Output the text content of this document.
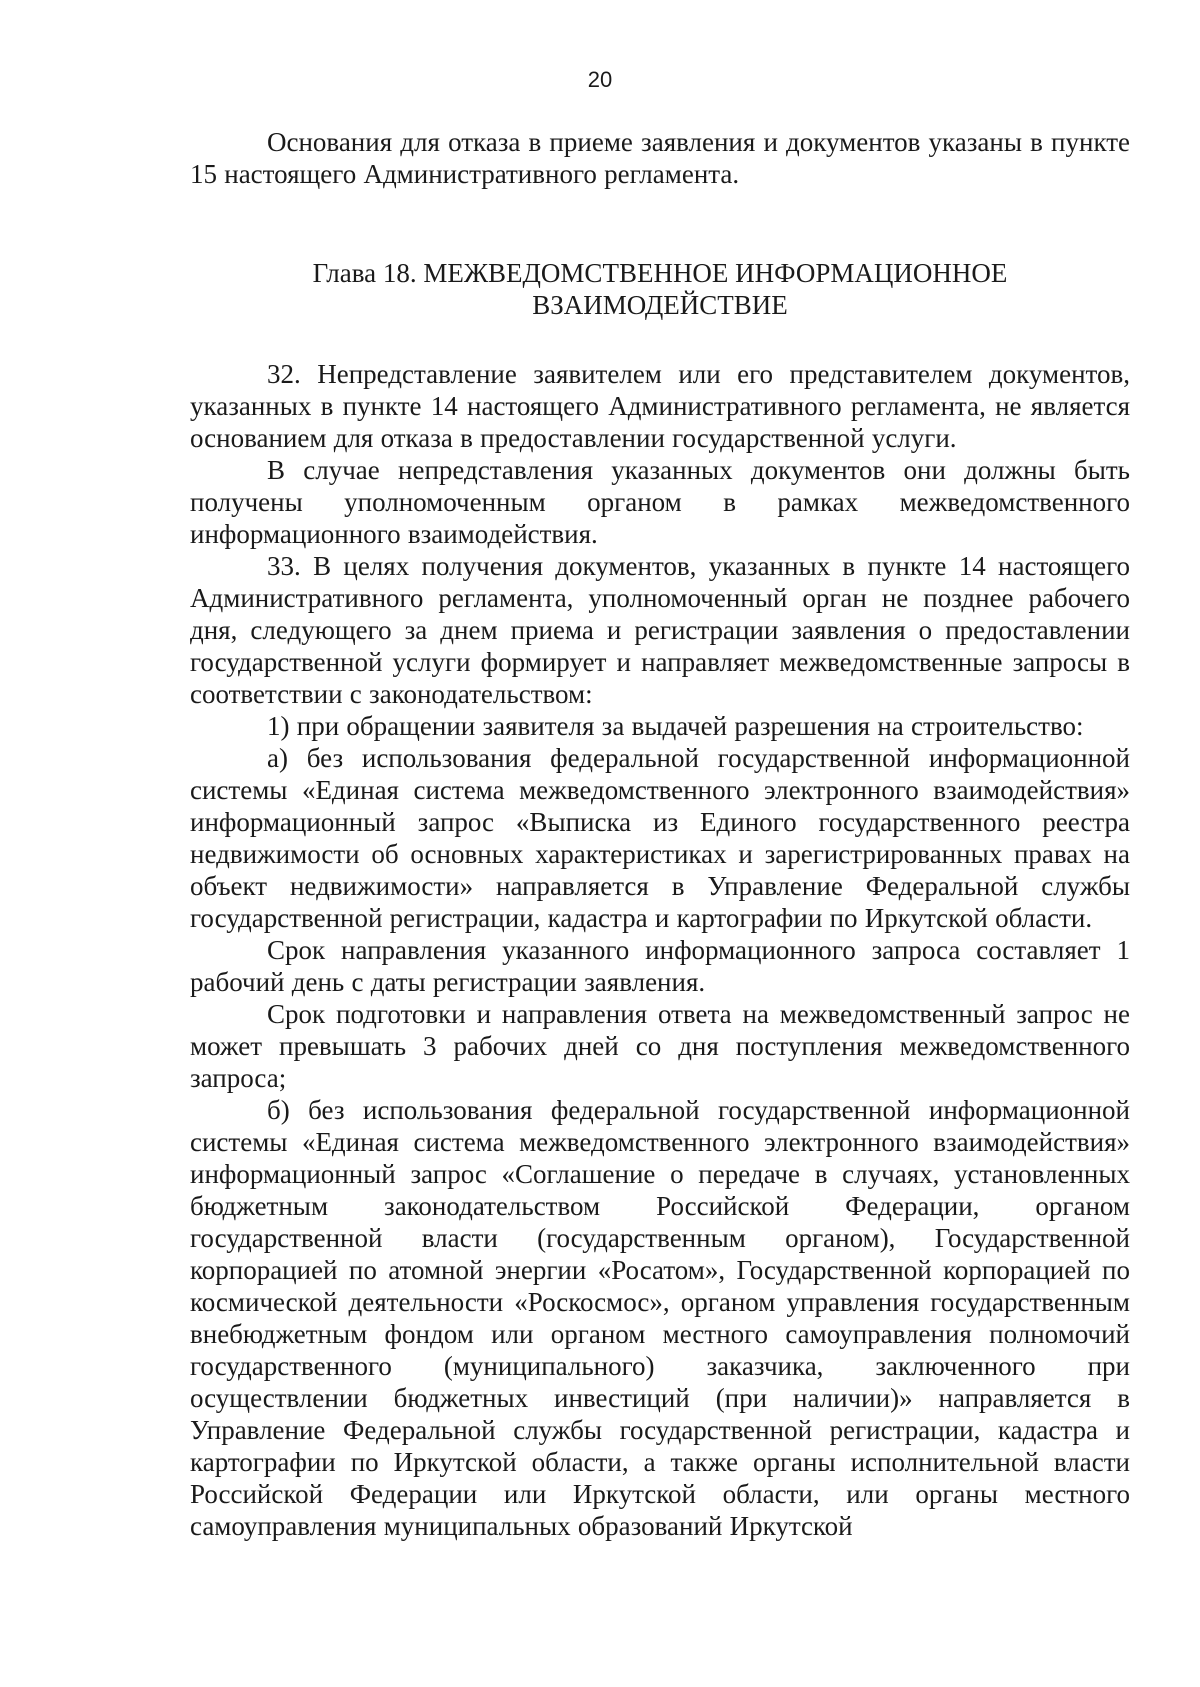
20

Основания для отказа в приеме заявления и документов указаны в пункте 15 настоящего Административного регламента.

Глава 18. МЕЖВЕДОМСТВЕННОЕ ИНФОРМАЦИОННОЕ
ВЗАИМОДЕЙСТВИЕ

32. Непредставление заявителем или его представителем документов, указанных в пункте 14 настоящего Административного регламента, не является основанием для отказа в предоставлении государственной услуги.

В случае непредставления указанных документов они должны быть получены уполномоченным органом в рамках межведомственного информационного взаимодействия.

33. В целях получения документов, указанных в пункте 14 настоящего Административного регламента, уполномоченный орган не позднее рабочего дня, следующего за днем приема и регистрации заявления о предоставлении государственной услуги формирует и направляет межведомственные запросы в соответствии с законодательством:

1) при обращении заявителя за выдачей разрешения на строительство:

а) без использования федеральной государственной информационной системы «Единая система межведомственного электронного взаимодействия» информационный запрос «Выписка из Единого государственного реестра недвижимости об основных характеристиках и зарегистрированных правах на объект недвижимости» направляется в Управление Федеральной службы государственной регистрации, кадастра и картографии по Иркутской области.

Срок направления указанного информационного запроса составляет 1 рабочий день с даты регистрации заявления.

Срок подготовки и направления ответа на межведомственный запрос не может превышать 3 рабочих дней со дня поступления межведомственного запроса;

б) без использования федеральной государственной информационной системы «Единая система межведомственного электронного взаимодействия» информационный запрос «Соглашение о передаче в случаях, установленных бюджетным законодательством Российской Федерации, органом государственной власти (государственным органом), Государственной корпорацией по атомной энергии «Росатом», Государственной корпорацией по космической деятельности «Роскосмос», органом управления государственным внебюджетным фондом или органом местного самоуправления полномочий государственного (муниципального) заказчика, заключенного при осуществлении бюджетных инвестиций (при наличии)» направляется в Управление Федеральной службы государственной регистрации, кадастра и картографии по Иркутской области, а также органы исполнительной власти Российской Федерации или Иркутской области, или органы местного самоуправления муниципальных образований Иркутской
